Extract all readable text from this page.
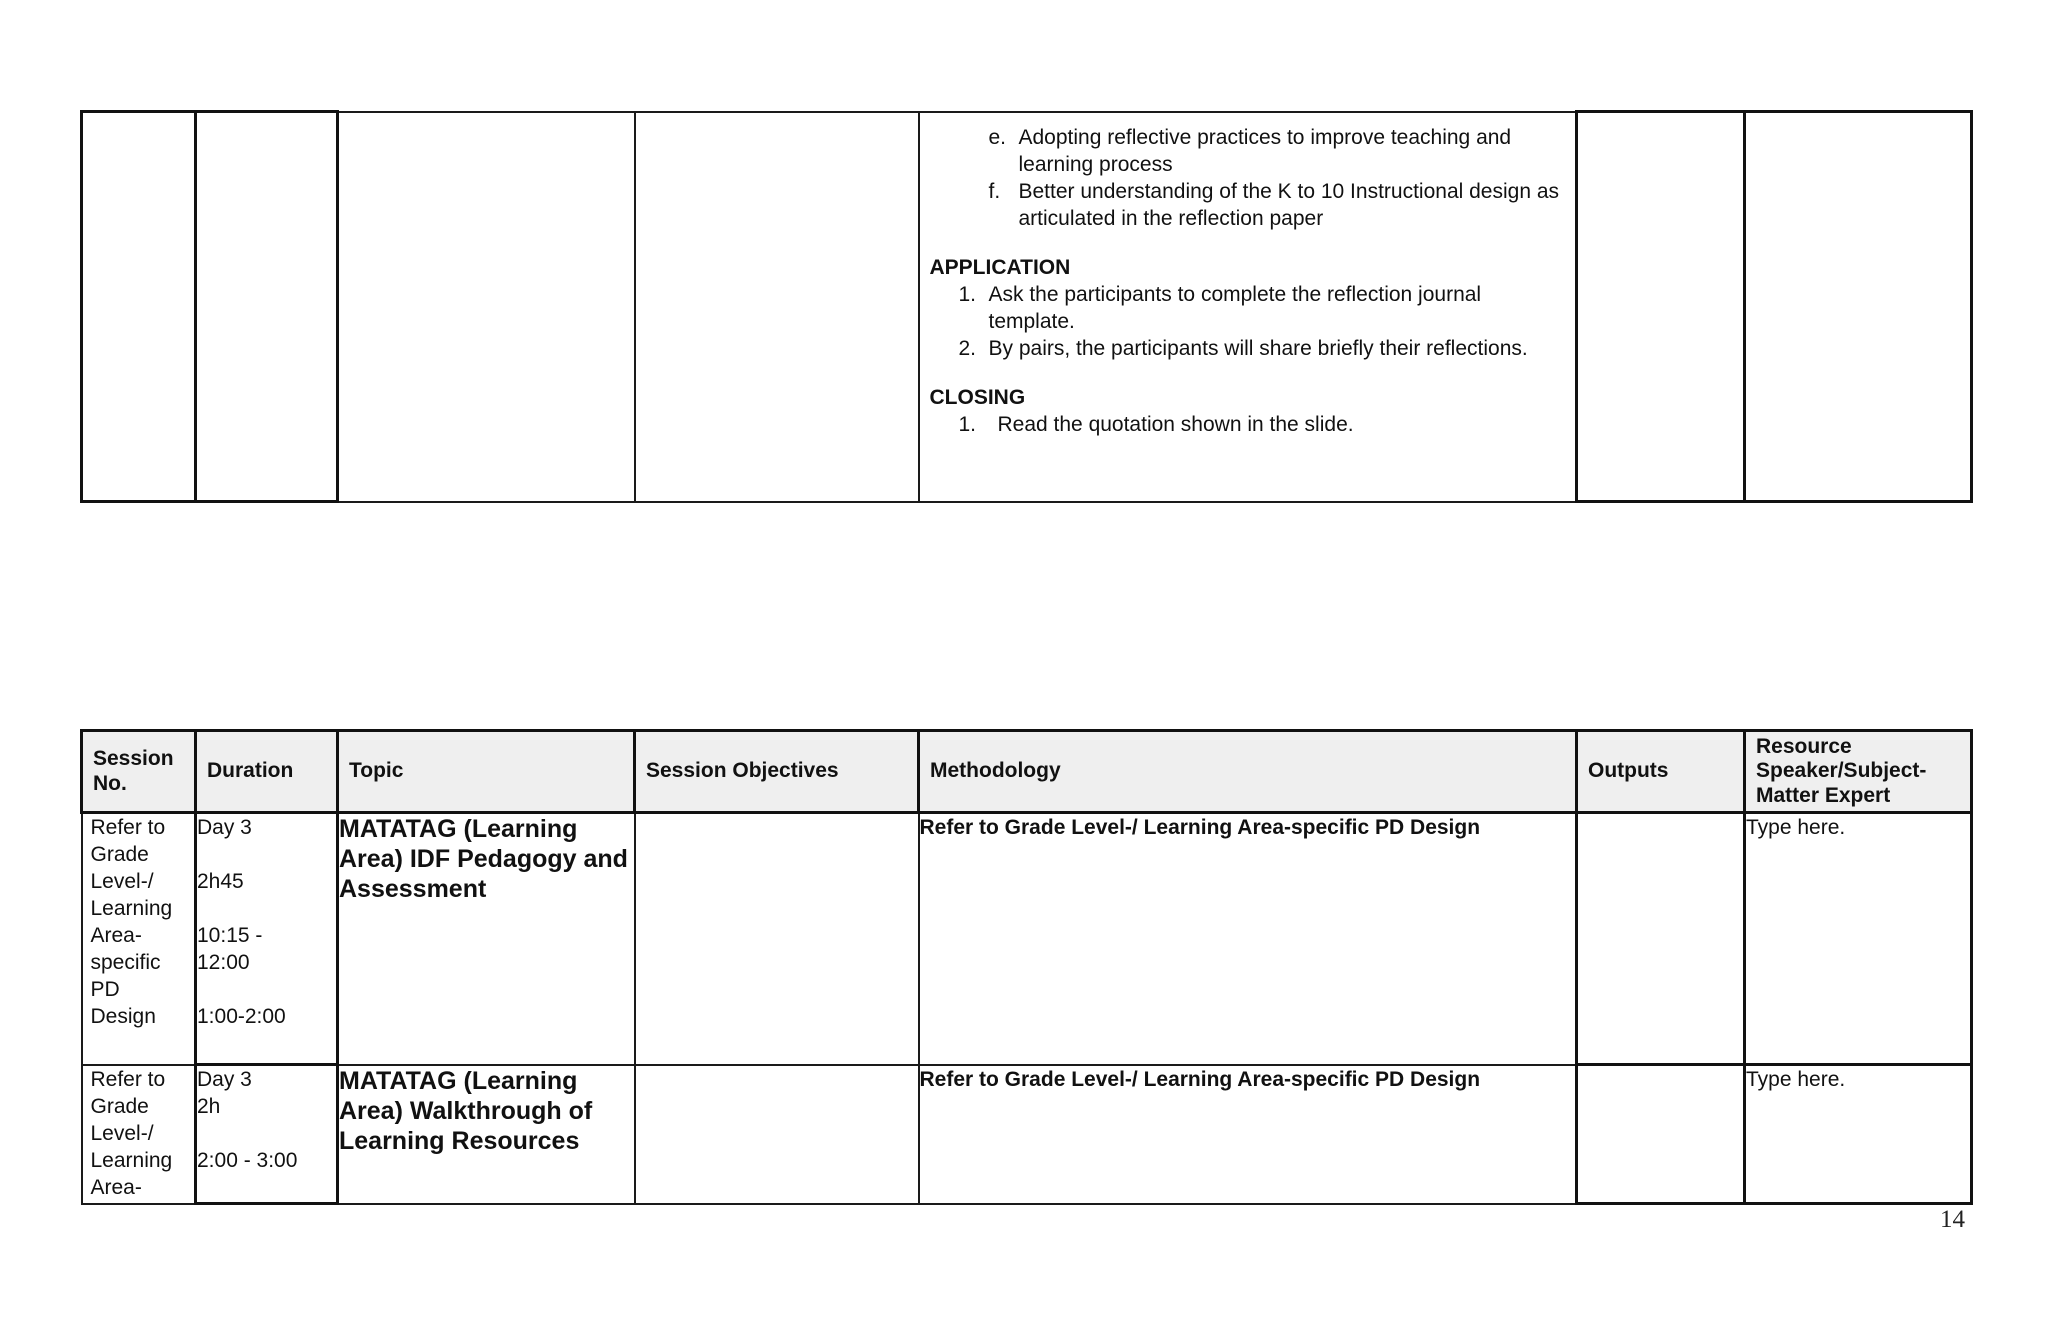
e. Adopting reflective practices to improve teaching and learning process
f. Better understanding of the K to 10 Instructional design as articulated in the reflection paper
APPLICATION
1. Ask the participants to complete the reflection journal template.
2. By pairs, the participants will share briefly their reflections.
CLOSING
1.	Read the quotation shown in the slide.

Session No.	Duration	Topic	Session Objectives	Methodology	Outputs	Resource Speaker/Subject-Matter Expert

Refer to Grade Level-/ Learning Area-specific PD Design	Day 3
2h45
10:15 -
12:00
1:00-2:00	MATATAG (Learning Area) IDF Pedagogy and Assessment		Refer to Grade Level-/ Learning Area-specific PD Design		Type here.

Refer to Grade Level-/ Learning Area-	Day 3
2h
2:00 - 3:00	MATATAG (Learning Area) Walkthrough of Learning Resources		Refer to Grade Level-/ Learning Area-specific PD Design		Type here.
14
